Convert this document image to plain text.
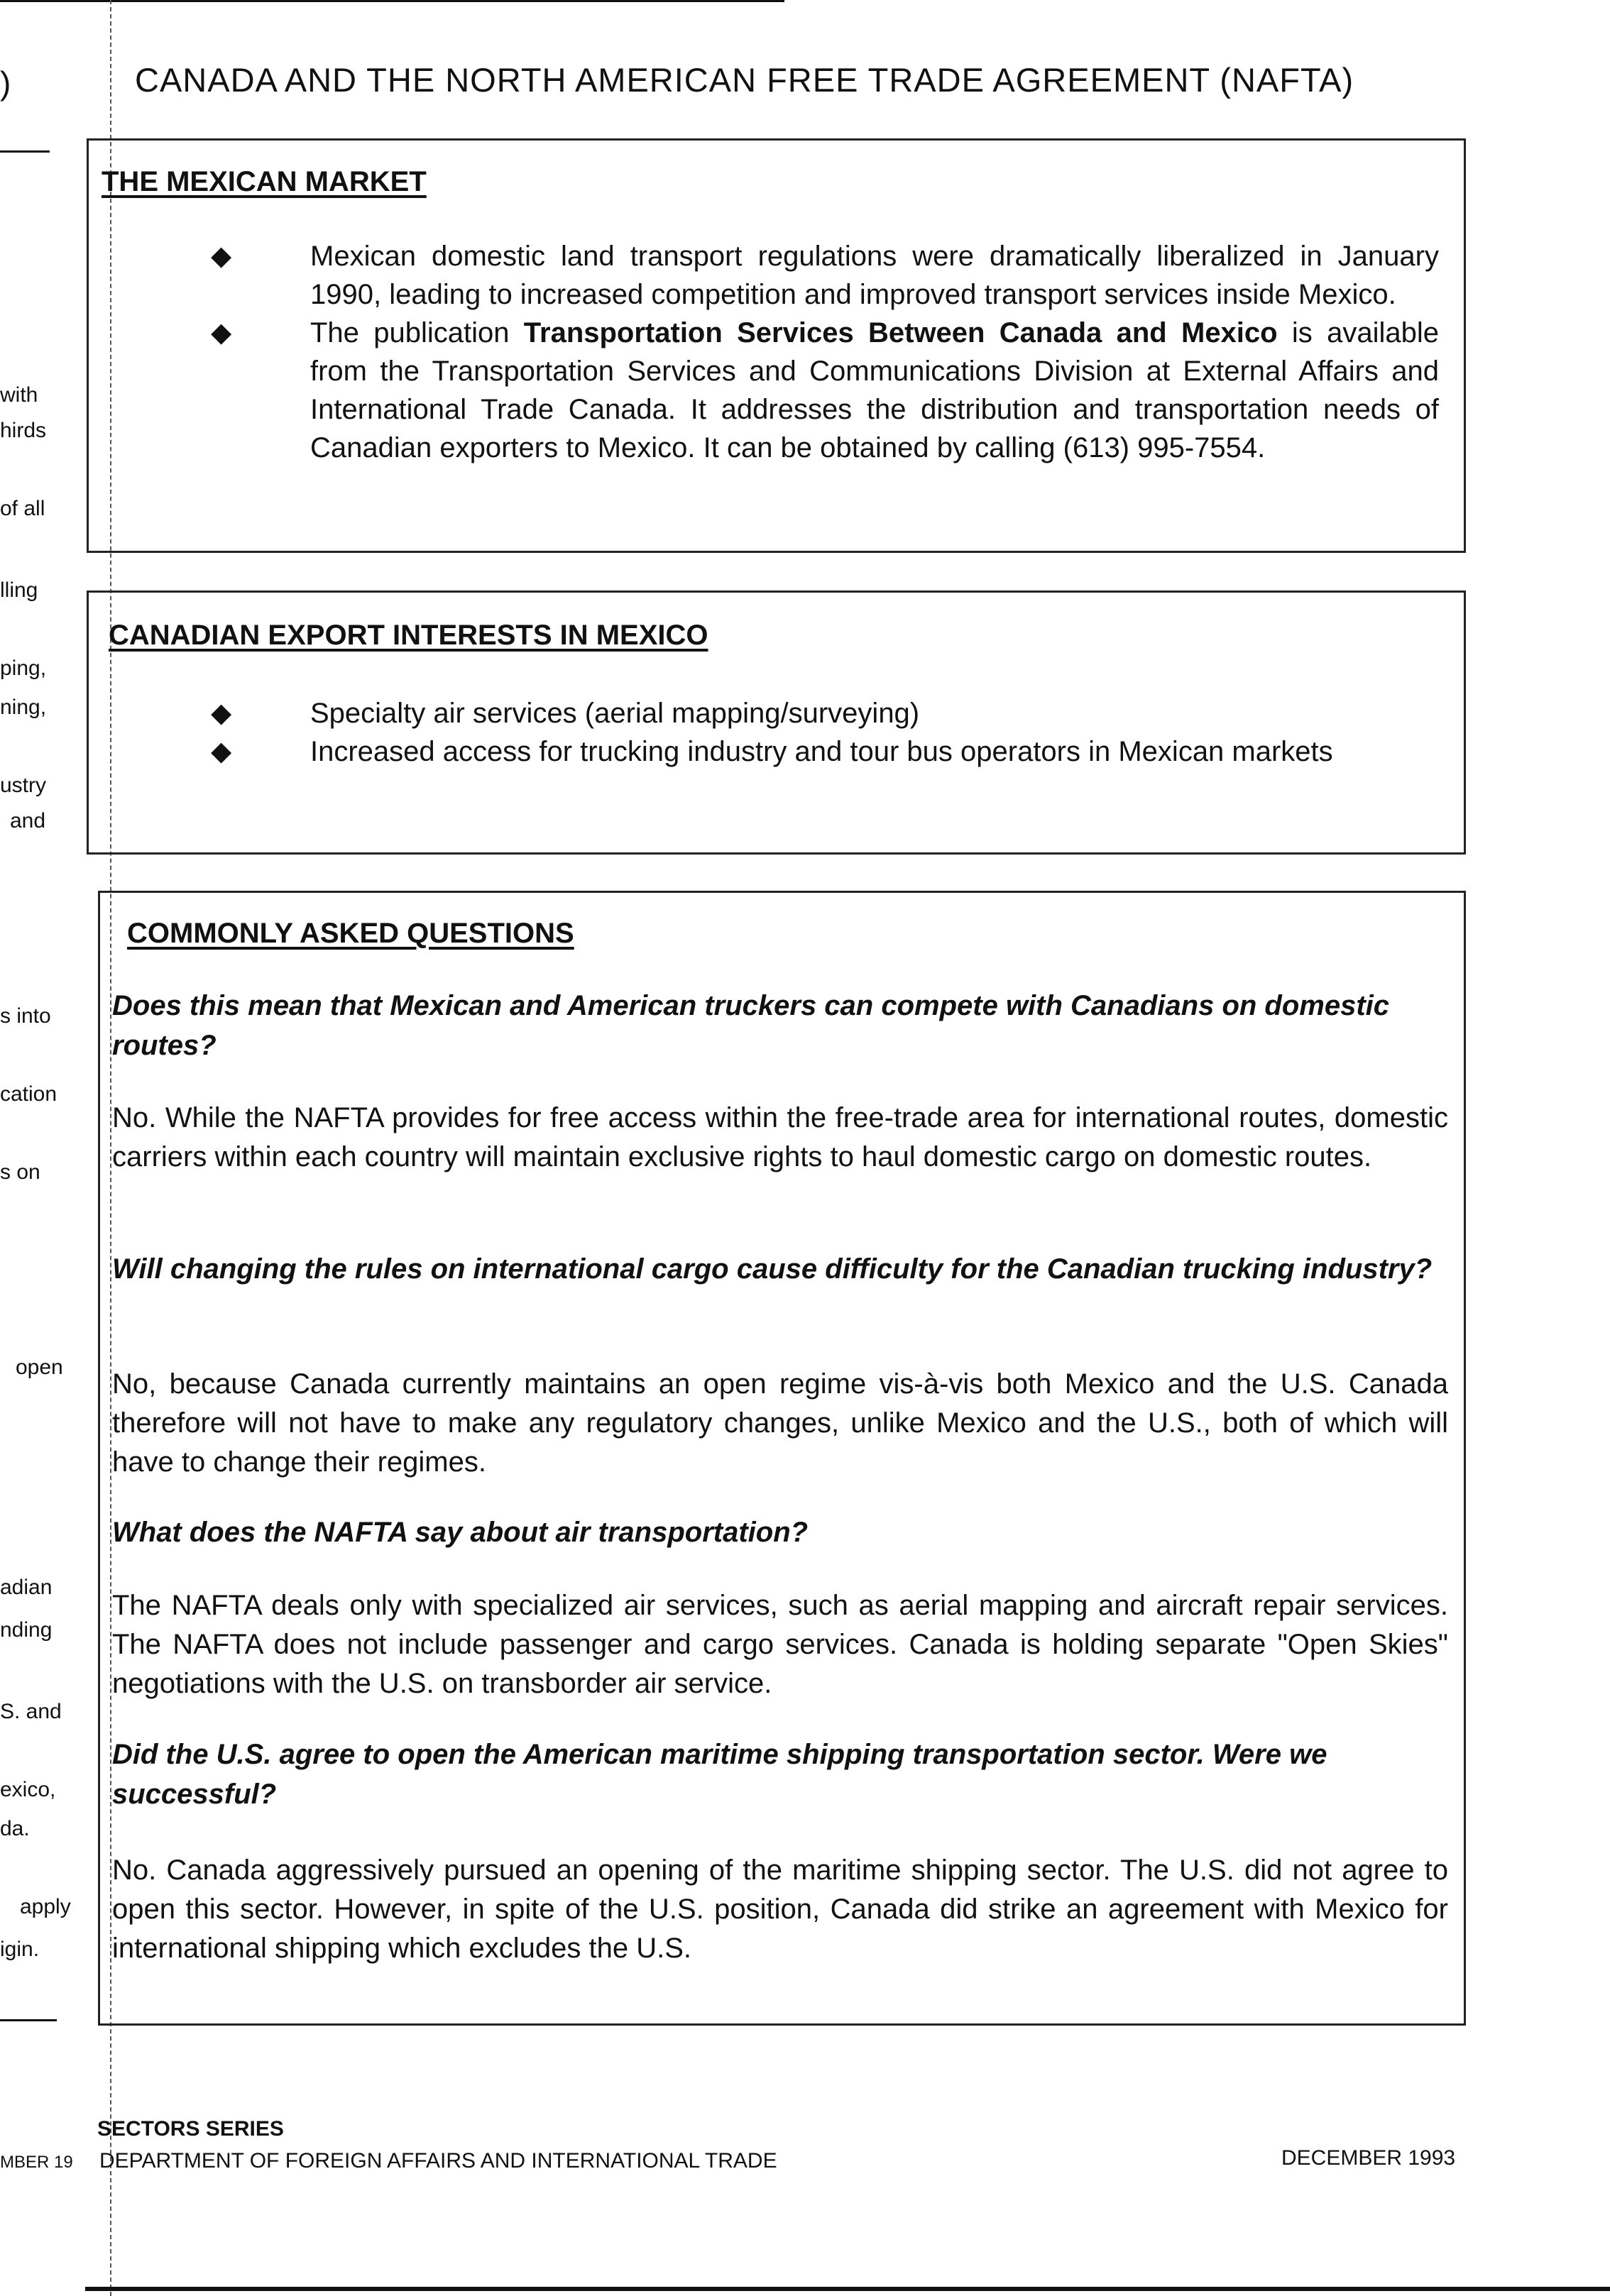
)	CANADA AND THE NORTH AMERICAN FREE TRADE AGREEMENT (NAFTA)
with
hirds
of all
lling
ping,
ning,
ustry
and
s into
cation
s on
open
adian
nding
S. and
exico,
da.
apply
igin.
MBER 19
THE MEXICAN MARKET
◆	Mexican domestic land transport regulations were dramatically liberalized in January 1990, leading to increased competition and improved transport services inside Mexico.
◆	The publication Transportation Services Between Canada and Mexico is available from the Transportation Services and Communications Division at External Affairs and International Trade Canada. It addresses the distribution and transportation needs of Canadian exporters to Mexico. It can be obtained by calling (613) 995-7554.
CANADIAN EXPORT INTERESTS IN MEXICO
◆	Specialty air services (aerial mapping/surveying)
◆	Increased access for trucking industry and tour bus operators in Mexican markets
COMMONLY ASKED QUESTIONS
Does this mean that Mexican and American truckers can compete with Canadians on domestic routes?
No. While the NAFTA provides for free access within the free-trade area for international routes, domestic carriers within each country will maintain exclusive rights to haul domestic cargo on domestic routes.
Will changing the rules on international cargo cause difficulty for the Canadian trucking industry?
No, because Canada currently maintains an open regime vis-à-vis both Mexico and the U.S. Canada therefore will not have to make any regulatory changes, unlike Mexico and the U.S., both of which will have to change their regimes.
What does the NAFTA say about air transportation?
The NAFTA deals only with specialized air services, such as aerial mapping and aircraft repair services. The NAFTA does not include passenger and cargo services. Canada is holding separate "Open Skies" negotiations with the U.S. on transborder air service.
Did the U.S. agree to open the American maritime shipping transportation sector. Were we successful?
No. Canada aggressively pursued an opening of the maritime shipping sector. The U.S. did not agree to open this sector. However, in spite of the U.S. position, Canada did strike an agreement with Mexico for international shipping which excludes the U.S.
SECTORS SERIES
DEPARTMENT OF FOREIGN AFFAIRS AND INTERNATIONAL TRADE	DECEMBER 1993
